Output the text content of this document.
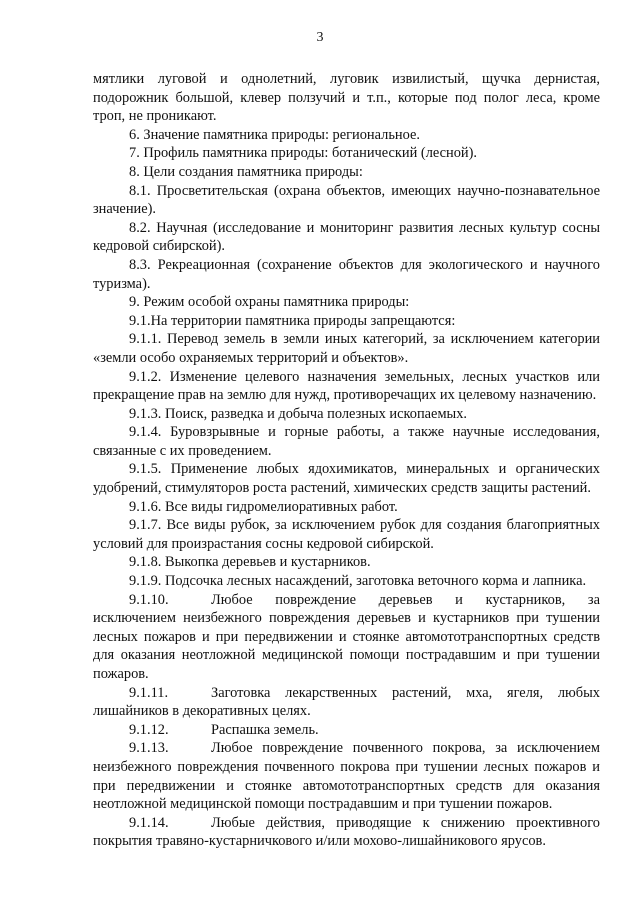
3

мятлики луговой и однолетний, луговик извилистый, щучка дернистая, подорожник большой, клевер ползучий и т.п., которые под полог леса, кроме троп, не проникают.

6. Значение памятника природы: региональное.

7. Профиль памятника природы: ботанический (лесной).

8. Цели создания памятника природы:

8.1. Просветительская (охрана объектов, имеющих научно-познавательное значение).

8.2. Научная (исследование и мониторинг развития лесных культур сосны кедровой сибирской).

8.3. Рекреационная (сохранение объектов для экологического и научного туризма).

9. Режим особой охраны памятника природы:

9.1.На территории памятника природы запрещаются:

9.1.1. Перевод земель в земли иных категорий, за исключением категории «земли особо охраняемых территорий и объектов».

9.1.2. Изменение целевого назначения земельных, лесных участков или прекращение прав на землю для нужд, противоречащих их целевому назначению.

9.1.3. Поиск, разведка и добыча полезных ископаемых.

9.1.4. Буровзрывные и горные работы, а также научные исследования, связанные с их проведением.

9.1.5. Применение любых ядохимикатов, минеральных и органических удобрений, стимуляторов роста растений, химических средств защиты растений.

9.1.6. Все виды гидромелиоративных работ.

9.1.7. Все виды рубок, за исключением рубок для создания благоприятных условий для произрастания сосны кедровой сибирской.

9.1.8. Выкопка деревьев и кустарников.

9.1.9. Подсочка лесных насаждений, заготовка веточного корма и лапника.

9.1.10.	Любое повреждение деревьев и кустарников, за

исключением неизбежного повреждения деревьев и кустарников при тушении лесных пожаров и при передвижении и стоянке автомототранспортных средств для оказания неотложной медицинской помощи пострадавшим и при тушении пожаров.

9.1.11.	Заготовка лекарственных растений, мха, ягеля, любых

лишайников в декоративных целях.

9.1.12.	Распашка земель.
9.1.13.	Любое повреждение почвенного покрова, за исключением

неизбежного повреждения почвенного покрова при тушении лесных пожаров и при передвижении и стоянке автомототранспортных средств для оказания неотложной медицинской помощи пострадавшим и при тушении пожаров.

9.1.14.	Любые действия, приводящие к снижению проективного

покрытия травяно-кустарничкового и/или мохово-лишайникового ярусов.
